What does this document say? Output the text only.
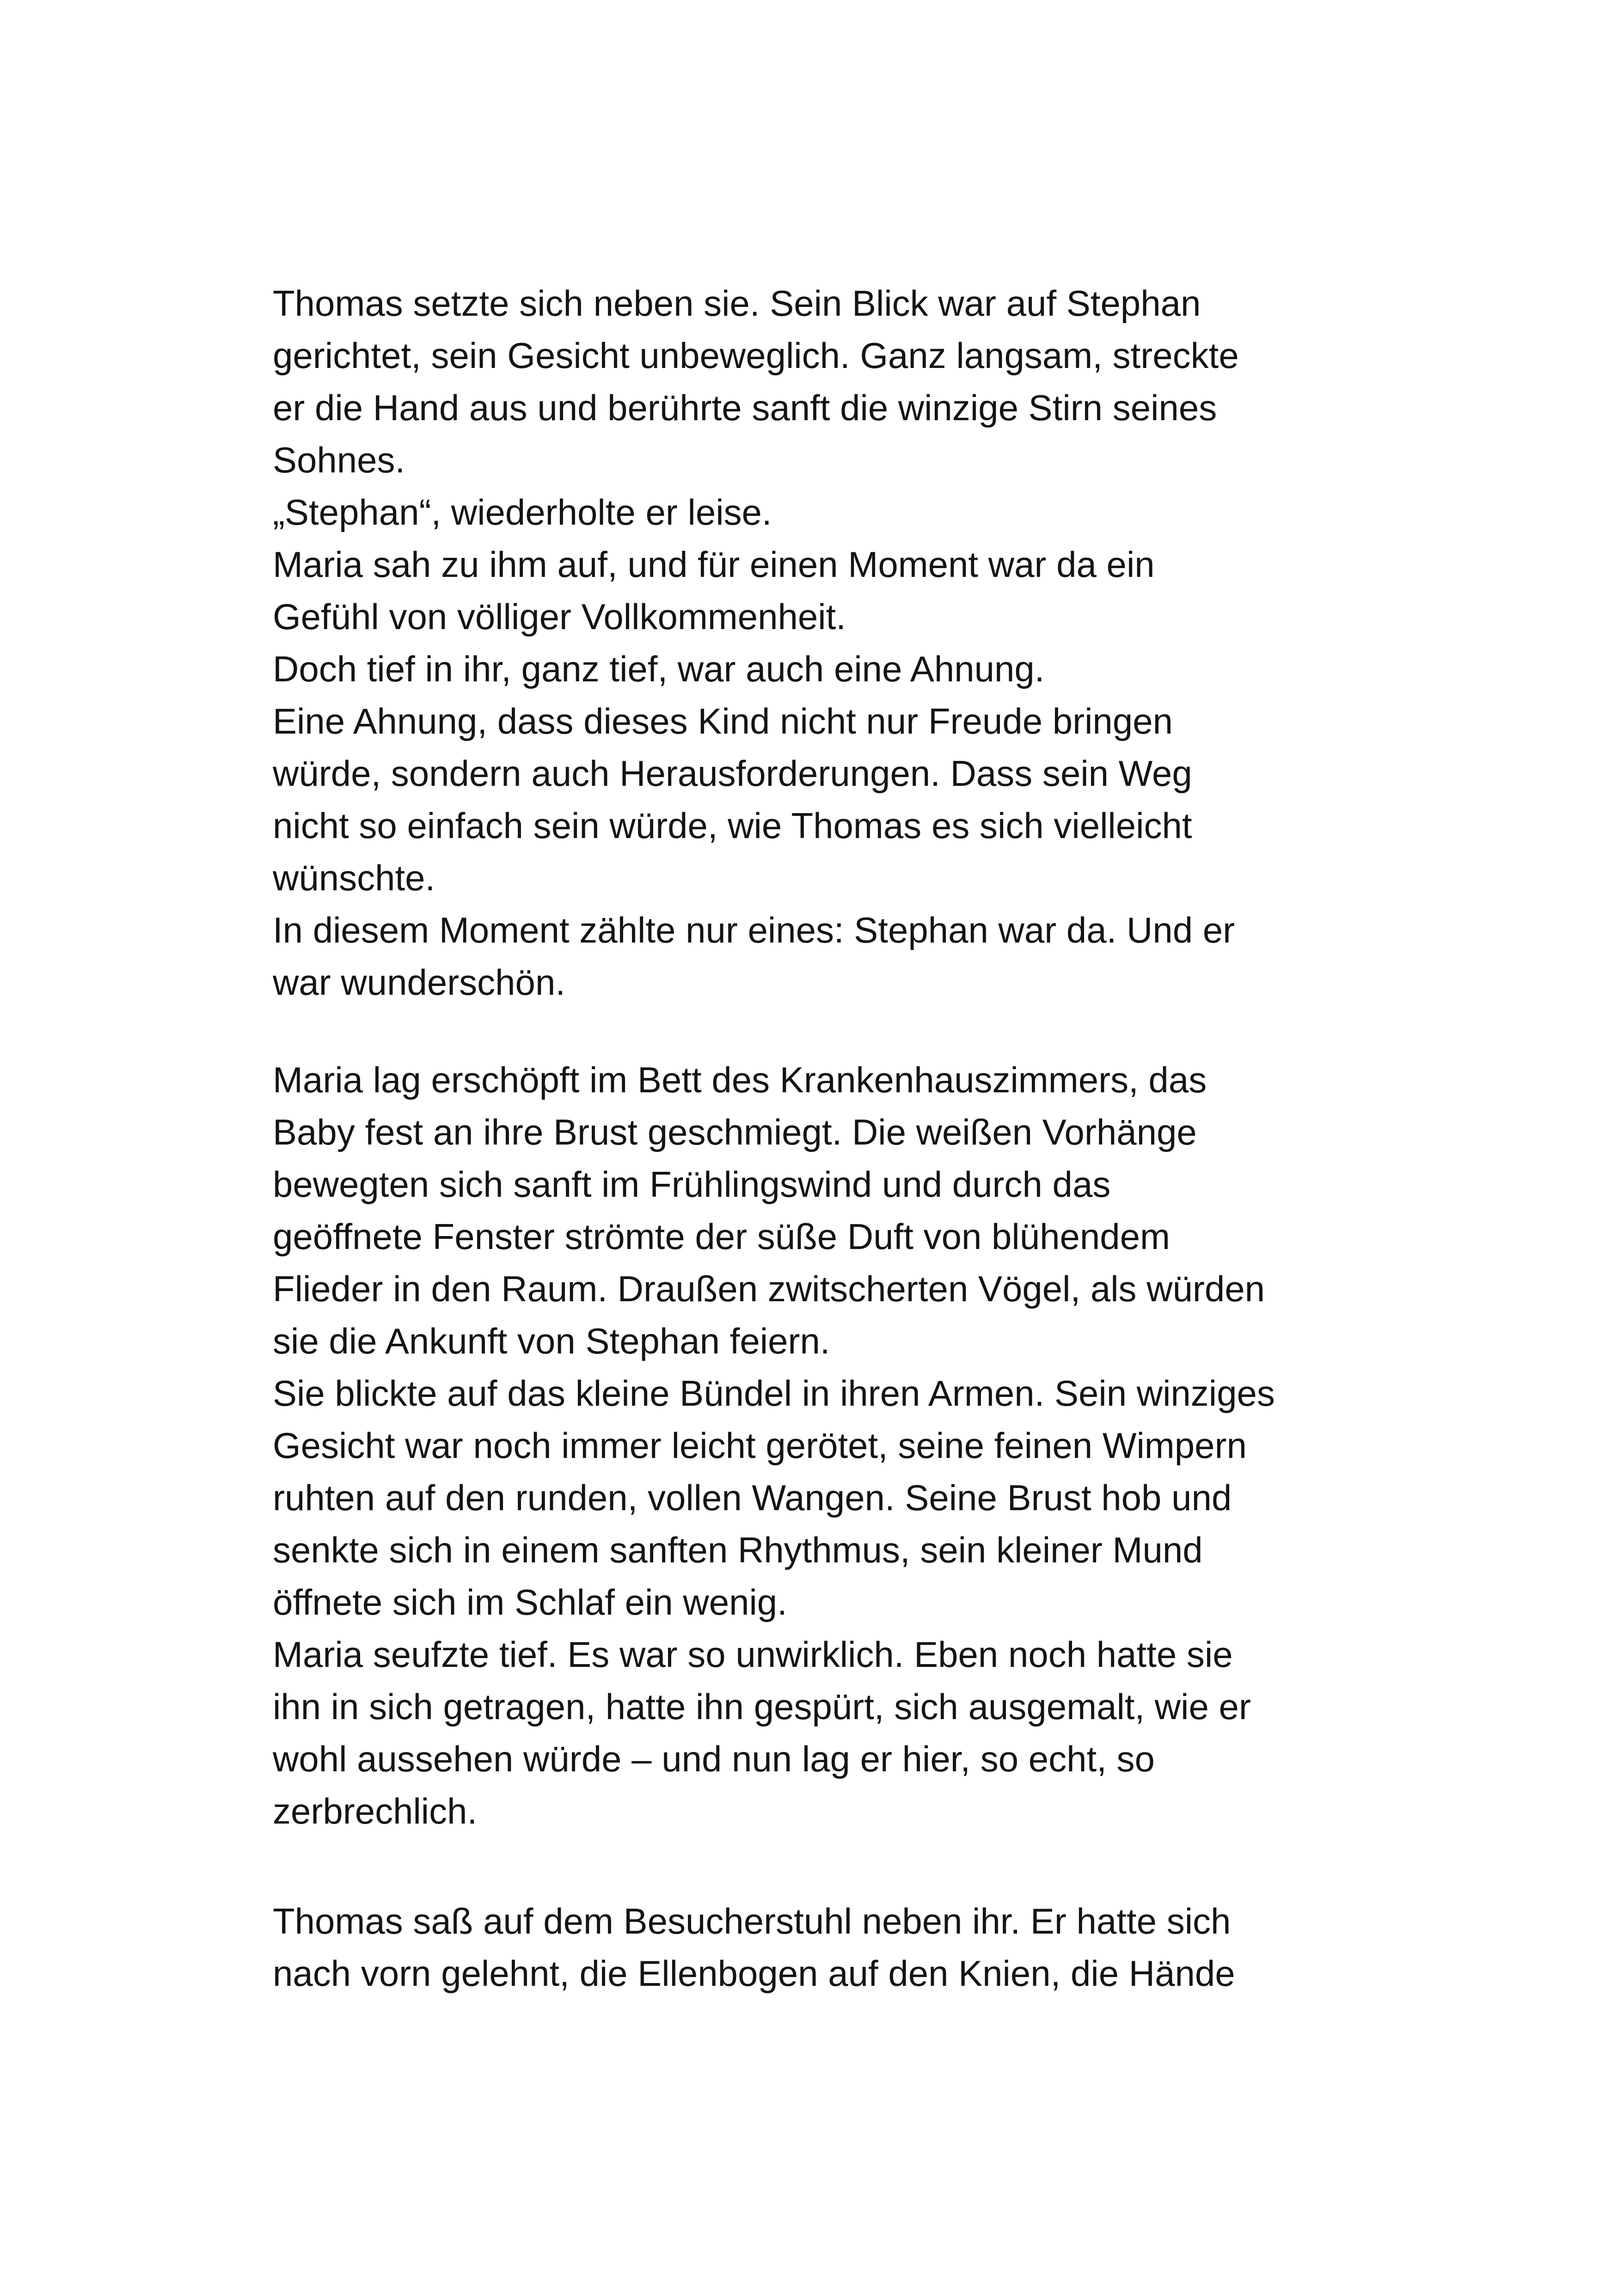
Thomas setzte sich neben sie. Sein Blick war auf Stephan
gerichtet, sein Gesicht unbeweglich. Ganz langsam, streckte
er die Hand aus und berührte sanft die winzige Stirn seines
Sohnes.
„Stephan“, wiederholte er leise.
Maria sah zu ihm auf, und für einen Moment war da ein
Gefühl von völliger Vollkommenheit.
Doch tief in ihr, ganz tief, war auch eine Ahnung.
Eine Ahnung, dass dieses Kind nicht nur Freude bringen
würde, sondern auch Herausforderungen. Dass sein Weg
nicht so einfach sein würde, wie Thomas es sich vielleicht
wünschte.
In diesem Moment zählte nur eines: Stephan war da. Und er
war wunderschön.
Maria lag erschöpft im Bett des Krankenhauszimmers, das
Baby fest an ihre Brust geschmiegt. Die weißen Vorhänge
bewegten sich sanft im Frühlingswind und durch das
geöffnete Fenster strömte der süße Duft von blühendem
Flieder in den Raum. Draußen zwitscherten Vögel, als würden
sie die Ankunft von Stephan feiern.
Sie blickte auf das kleine Bündel in ihren Armen. Sein winziges
Gesicht war noch immer leicht gerötet, seine feinen Wimpern
ruhten auf den runden, vollen Wangen. Seine Brust hob und
senkte sich in einem sanften Rhythmus, sein kleiner Mund
öffnete sich im Schlaf ein wenig.
Maria seufzte tief. Es war so unwirklich. Eben noch hatte sie
ihn in sich getragen, hatte ihn gespürt, sich ausgemalt, wie er
wohl aussehen würde – und nun lag er hier, so echt, so
zerbrechlich.
Thomas saß auf dem Besucherstuhl neben ihr. Er hatte sich
nach vorn gelehnt, die Ellenbogen auf den Knien, die Hände
